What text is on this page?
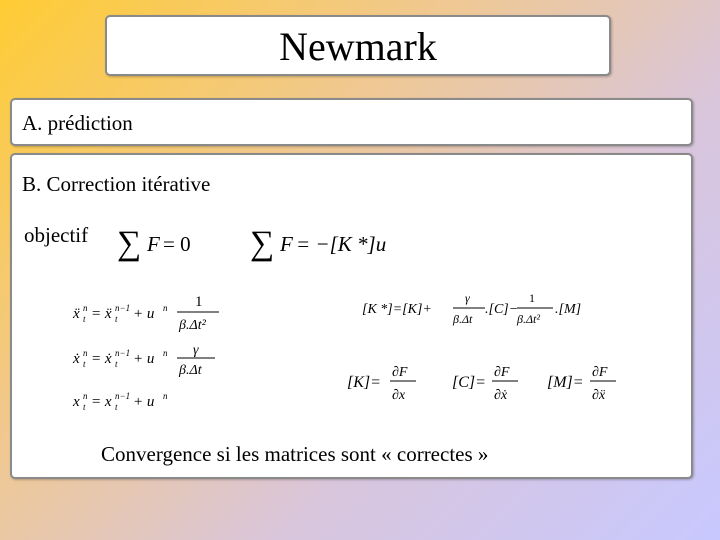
Newmark
A. prédiction
B. Correction itérative
objectif ∑ F = 0 ∑ F = −[K *]u
ẍ n
t = ẍ n−1
t + u n 1
β.Δt²
ẋ n
t = ẋ n−1
t + u n γ
β.Δt
x n
t = x n−1
t + u n
[K *]=[K]+
γ
β.Δt
.[C]−
1
β.Δt²
.[M]
[K]=
∂F
∂x
[C]=
∂F
∂ẋ
[M]=
∂F
∂ẍ
Convergence si les matrices sont « correctes »
